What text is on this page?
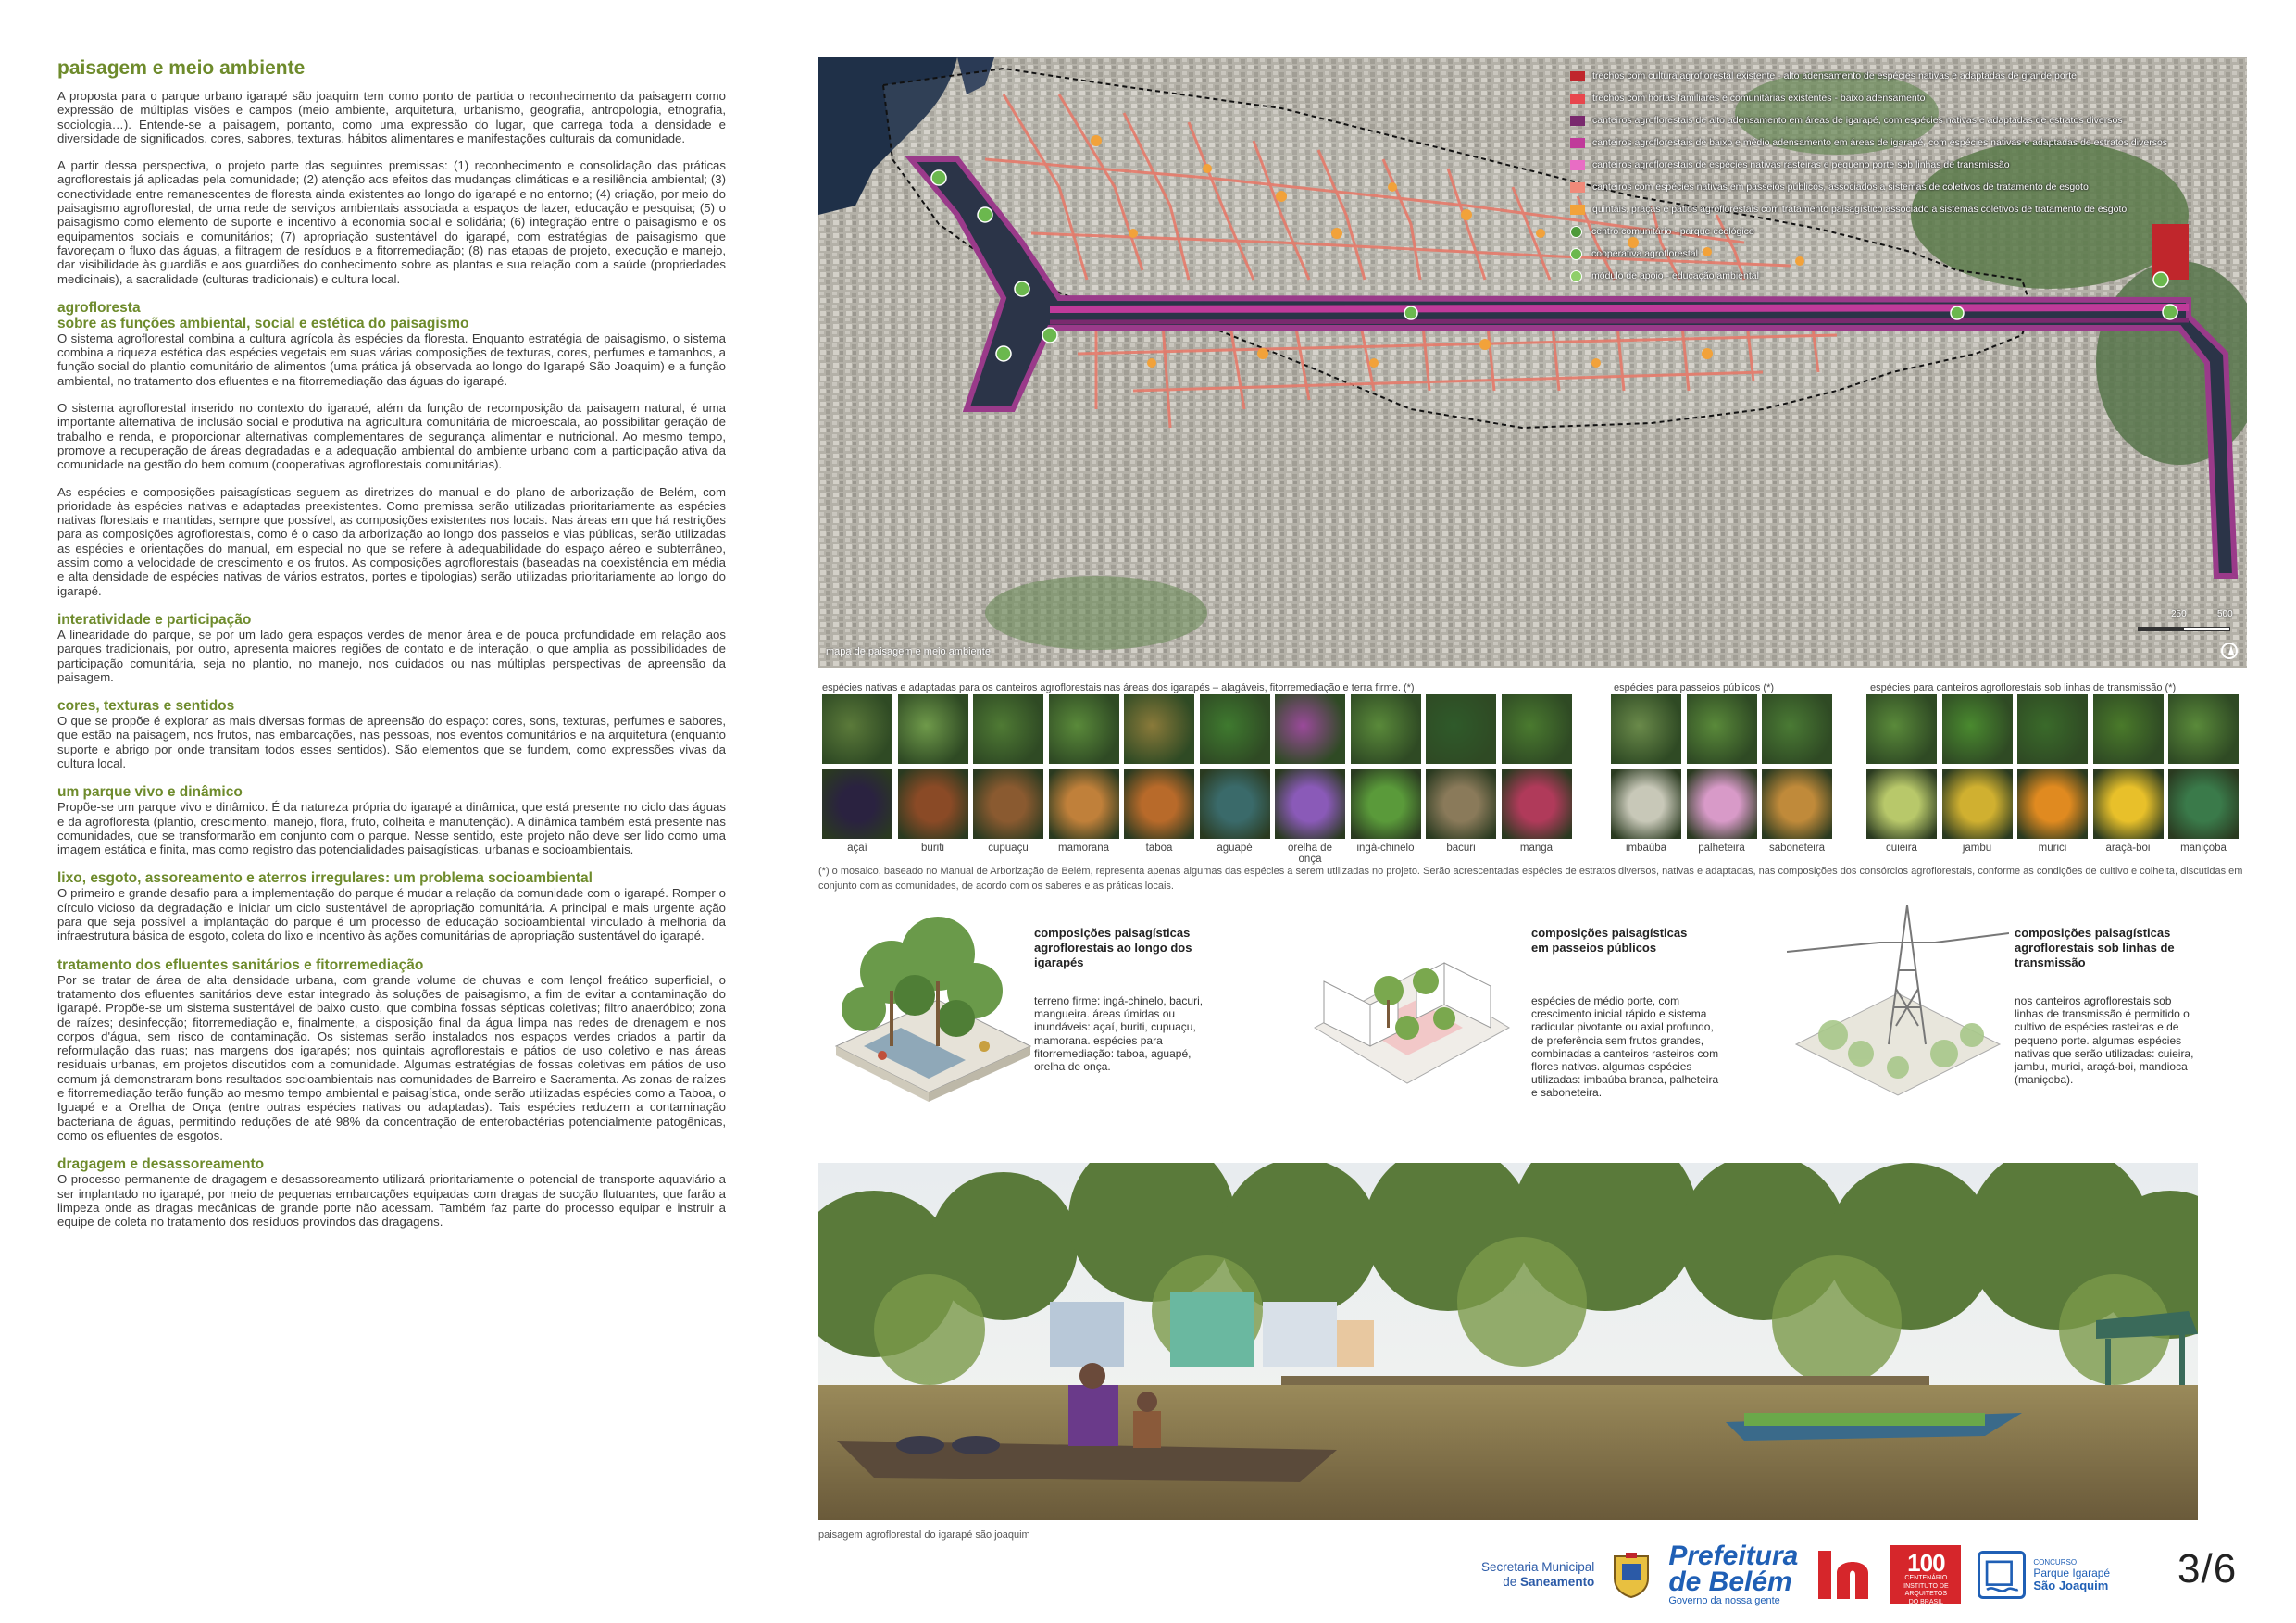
paisagem e meio ambiente

A proposta para o parque urbano igarapé são joaquim tem como ponto de partida o reconhecimento da paisagem como expressão de múltiplas visões e campos (meio ambiente, arquitetura, urbanismo, geografia, antropologia, etnografia, sociologia…). Entende-se a paisagem, portanto, como uma expressão do lugar, que carrega toda a densidade e diversidade de significados, cores, sabores, texturas, hábitos alimentares e manifestações culturais da comunidade.

A partir dessa perspectiva, o projeto parte das seguintes premissas: (1) reconhecimento e consolidação das práticas agroflorestais já aplicadas pela comunidade; (2) atenção aos efeitos das mudanças climáticas e a resiliência ambiental; (3) conectividade entre remanescentes de floresta ainda existentes ao longo do igarapé e no entorno; (4) criação, por meio do paisagismo agroflorestal, de uma rede de serviços ambientais associada a espaços de lazer, educação e pesquisa; (5) o paisagismo como elemento de suporte e incentivo à economia social e solidária; (6) integração entre o paisagismo e os equipamentos sociais e comunitários; (7) apropriação sustentável do igarapé, com estratégias de paisagismo que favoreçam o fluxo das águas, a filtragem de resíduos e a fitorremediação; (8) nas etapas de projeto, execução e manejo, dar visibilidade às guardiãs e aos guardiões do conhecimento sobre as plantas e sua relação com a saúde (propriedades medicinais), a sacralidade (culturas tradicionais) e cultura local.

agrofloresta
sobre as funções ambiental, social e estética do paisagismo

O sistema agroflorestal combina a cultura agrícola às espécies da floresta. Enquanto estratégia de paisagismo, o sistema combina a riqueza estética das espécies vegetais em suas várias composições de texturas, cores, perfumes e tamanhos, a função social do plantio comunitário de alimentos (uma prática já observada ao longo do Igarapé São Joaquim) e a função ambiental, no tratamento dos efluentes e na fitorremediação das águas do igarapé.

O sistema agroflorestal inserido no contexto do igarapé, além da função de recomposição da paisagem natural, é uma importante alternativa de inclusão social e produtiva na agricultura comunitária de microescala, ao possibilitar geração de trabalho e renda, e proporcionar alternativas complementares de segurança alimentar e nutricional. Ao mesmo tempo, promove a recuperação de áreas degradadas e a adequação ambiental do ambiente urbano com a participação ativa da comunidade na gestão do bem comum (cooperativas agroflorestais comunitárias).

As espécies e composições paisagísticas seguem as diretrizes do manual e do plano de arborização de Belém, com prioridade às espécies nativas e adaptadas preexistentes. Como premissa serão utilizadas prioritariamente as espécies nativas florestais e mantidas, sempre que possível, as composições existentes nos locais. Nas áreas em que há restrições para as composições agroflorestais, como é o caso da arborização ao longo dos passeios e vias públicas, serão utilizadas as espécies e orientações do manual, em especial no que se refere à adequabilidade do espaço aéreo e subterrâneo, assim como a velocidade de crescimento e os frutos. As composições agroflorestais (baseadas na coexistência em média e alta densidade de espécies nativas de vários estratos, portes e tipologias) serão utilizadas prioritariamente ao longo do igarapé.

interatividade e participação

A linearidade do parque, se por um lado gera espaços verdes de menor área e de pouca profundidade em relação aos parques tradicionais, por outro, apresenta maiores regiões de contato e de interação, o que amplia as possibilidades de participação comunitária, seja no plantio, no manejo, nos cuidados ou nas múltiplas perspectivas de apreensão da paisagem.

cores, texturas e sentidos

O que se propõe é explorar as mais diversas formas de apreensão do espaço: cores, sons, texturas, perfumes e sabores, que estão na paisagem, nos frutos, nas embarcações, nas pessoas, nos eventos comunitários e na arquitetura (enquanto suporte e abrigo por onde transitam todos esses sentidos). São elementos que se fundem, como expressões vivas da cultura local.

um parque vivo e dinâmico

Propõe-se um parque vivo e dinâmico. É da natureza própria do igarapé a dinâmica, que está presente no ciclo das águas e da agrofloresta (plantio, crescimento, manejo, flora, fruto, colheita e manutenção). A dinâmica também está presente nas comunidades, que se transformarão em conjunto com o parque. Nesse sentido, este projeto não deve ser lido como uma imagem estática e finita, mas como registro das potencialidades paisagísticas, urbanas e socioambientais.

lixo, esgoto, assoreamento e aterros irregulares: um problema socioambiental

O primeiro e grande desafio para a implementação do parque é mudar a relação da comunidade com o igarapé. Romper o círculo vicioso da degradação e iniciar um ciclo sustentável de apropriação comunitária. A principal e mais urgente ação para que seja possível a implantação do parque é um processo de educação socioambiental vinculado à melhoria da infraestrutura básica de esgoto, coleta do lixo e incentivo às ações comunitárias de apropriação sustentável do igarapé.

tratamento dos efluentes sanitários e fitorremediação

Por se tratar de área de alta densidade urbana, com grande volume de chuvas e com lençol freático superficial, o tratamento dos efluentes sanitários deve estar integrado às soluções de paisagismo, a fim de evitar a contaminação do igarapé. Propõe-se um sistema sustentável de baixo custo, que combina fossas sépticas coletivas; filtro anaeróbico; zona de raízes; desinfecção; fitorremediação e, finalmente, a disposição final da água limpa nas redes de drenagem e nos corpos d'água, sem risco de contaminação. Os sistemas serão instalados nos espaços verdes criados a partir da reformulação das ruas; nas margens dos igarapés; nos quintais agroflorestais e pátios de uso coletivo e nas áreas residuais urbanas, em projetos discutidos com a comunidade. Algumas estratégias de fossas coletivas em pátios de uso comum já demonstraram bons resultados socioambientais nas comunidades de Barreiro e Sacramenta. As zonas de raízes e fitorremediação terão função ao mesmo tempo ambiental e paisagística, onde serão utilizadas espécies como a Taboa, o Iguapé e a Orelha de Onça (entre outras espécies nativas ou adaptadas). Tais espécies reduzem a contaminação bacteriana de águas, permitindo reduções de até 98% da concentração de enterobactérias potencialmente patogênicas, como os efluentes de esgotos.

dragagem e desassoreamento

O processo permanente de dragagem e desassoreamento utilizará prioritariamente o potencial de transporte aquaviário a ser implantado no igarapé, por meio de pequenas embarcações equipadas com dragas de sucção flutuantes, que farão a limpeza onde as dragas mecânicas de grande porte não acessam. Também faz parte do processo equipar e instruir a equipe de coleta no tratamento dos resíduos provindos das dragagens.

trechos com cultura agroflorestal existente - alto adensamento de espécies nativas e adaptadas de grande porte
trechos com hortas familiares e comunitárias existentes - baixo adensamento
canteiros agroflorestais de alto adensamento em áreas de igarapé, com espécies nativas e adaptadas de estratos diversos
canteiros agroflorestais de baixo e médio adensamento em áreas de igarapé, com espécies nativas e adaptadas de estratos diversos
canteiros agroflorestais de espécies nativas rasteiras e pequeno porte sob linhas de transmissão
canteiros com espécies nativas em passeios públicos, associados a sistemas de coletivos de tratamento de esgoto
quintais, praças e pátios agroflorestais com tratamento paisagístico associado a sistemas coletivos de tratamento de esgoto
centro comunitário - parque ecológico
cooperativa agroflorestal
módulo de apoio - educação ambiental
mapa de paisagem e meio ambiente
250	500
espécies nativas e adaptadas para os canteiros agroflorestais nas áreas dos igarapés – alagáveis, fitorremediação e terra firme. (*)	espécies para passeios públicos (*)	espécies para canteiros agroflorestais sob linhas de transmissão (*)
açaí	buriti	cupuaçu	mamorana	taboa	aguapé	orelha de onça
ingá-chinelo	bacuri	manga	imbaúba	palheteira	saboneteira	cuieira	jambu	murici	araçá-boi	maniçoba
(*) o mosaico, baseado no Manual de Arborização de Belém, representa apenas algumas das espécies a serem utilizadas no projeto. Serão acrescentadas espécies de estratos diversos, nativas e adaptadas, nas composições dos consórcios agroflorestais, conforme as condições de cultivo e colheita, discutidas em conjunto com as comunidades, de acordo com os saberes e as práticas locais.
composições paisagísticas agroflorestais ao longo dos igarapés
terreno firme: ingá-chinelo, bacuri, mangueira. áreas úmidas ou inundáveis: açaí, buriti, cupuaçu, mamorana. espécies para fitorremediação: taboa, aguapé, orelha de onça.
composições paisagísticas em passeios públicos
espécies de médio porte, com crescimento inicial rápido e sistema radicular pivotante ou axial profundo, de preferência sem frutos grandes, combinadas a canteiros rasteiros com flores nativas. algumas espécies utilizadas: imbaúba branca, palheteira e saboneteira.
composições paisagísticas agroflorestais sob linhas de transmissão
nos canteiros agroflorestais sob linhas de transmissão é permitido o cultivo de espécies rasteiras e de pequeno porte. algumas espécies nativas que serão utilizadas: cuieira, jambu, murici, araçá-boi, mandioca (maniçoba).
paisagem agroflorestal do igarapé são joaquim
Secretaria Municipal
de Saneamento
Prefeitura
de Belém
Governo da nossa gente
100
CENTENÁRIO
INSTITUTO DE
ARQUITETOS
DO BRASIL
CONCURSO
Parque Igarapé
São Joaquim 3/6
